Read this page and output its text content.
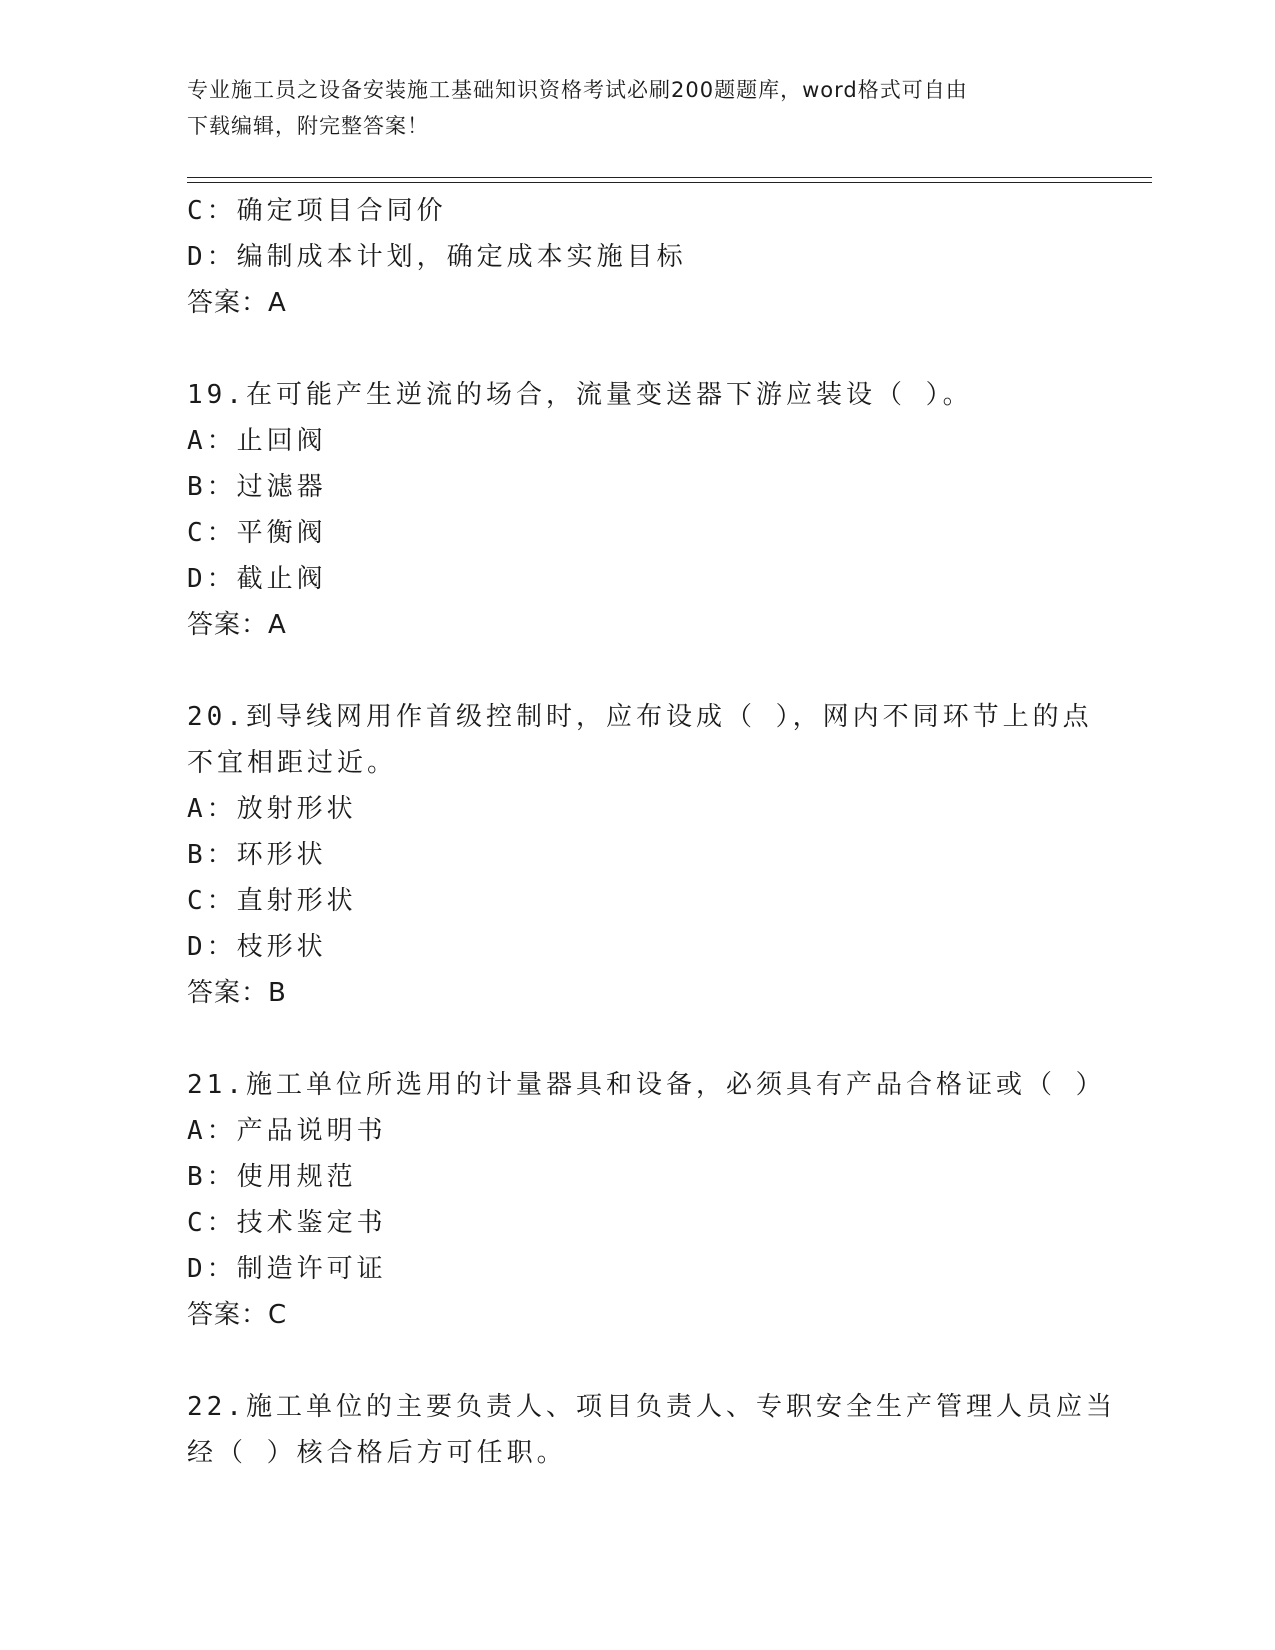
专业施工员之设备安装施工基础知识资格考试必刷200题题库，word格式可自由
下载编辑，附完整答案！
C：确定项目合同价
D：编制成本计划，确定成本实施目标
答案：A
19.在可能产生逆流的场合，流量变送器下游应装设（ ）。
A：止回阀
B：过滤器
C：平衡阀
D：截止阀
答案：A
20.到导线网用作首级控制时，应布设成（ ），网内不同环节上的点
不宜相距过近。
A：放射形状
B：环形状
C：直射形状
D：枝形状
答案：B
21.施工单位所选用的计量器具和设备，必须具有产品合格证或（ ）
A：产品说明书
B：使用规范
C：技术鉴定书
D：制造许可证
答案：C
22.施工单位的主要负责人、项目负责人、专职安全生产管理人员应当
经（ ）核合格后方可任职。
